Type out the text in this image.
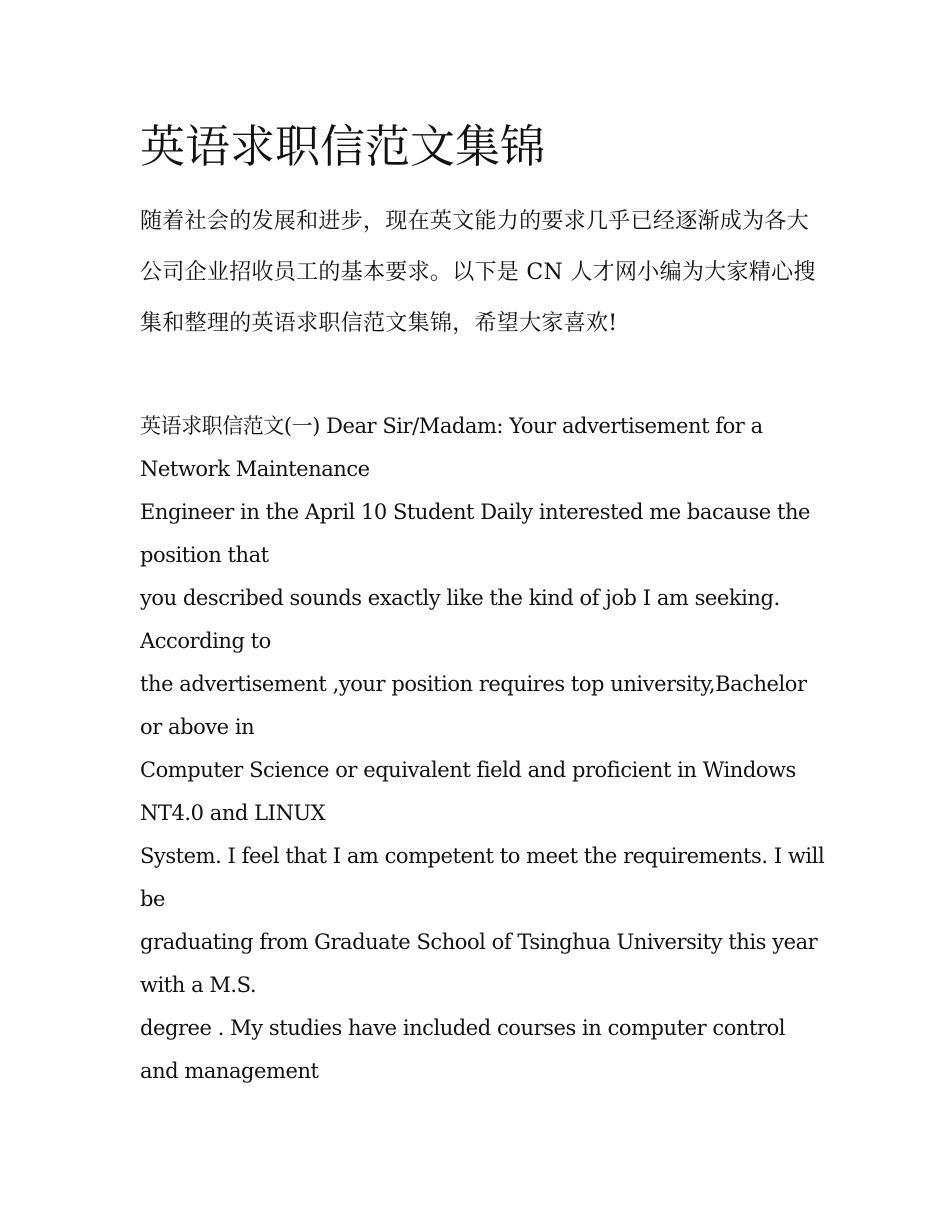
英语求职信范文集锦

随着社会的发展和进步，现在英文能力的要求几乎已经逐渐成为各大公司企业招收员工的基本要求。以下是 CN 人才网小编为大家精心搜集和整理的英语求职信范文集锦，希望大家喜欢!

英语求职信范文(一) Dear Sir/Madam: Your advertisement for a
Network Maintenance
Engineer in the April 10 Student Daily interested me bacause the
position that
you described sounds exactly like the kind of job I am seeking.
According to
the advertisement ,your position requires top university,Bachelor
or above in
Computer Science or equivalent field and proficient in Windows
NT4.0 and LINUX
System. I feel that I am competent to meet the requirements. I will
be
graduating from Graduate School of Tsinghua University this year
with a M.S.
degree . My studies have included courses in computer control
and management
